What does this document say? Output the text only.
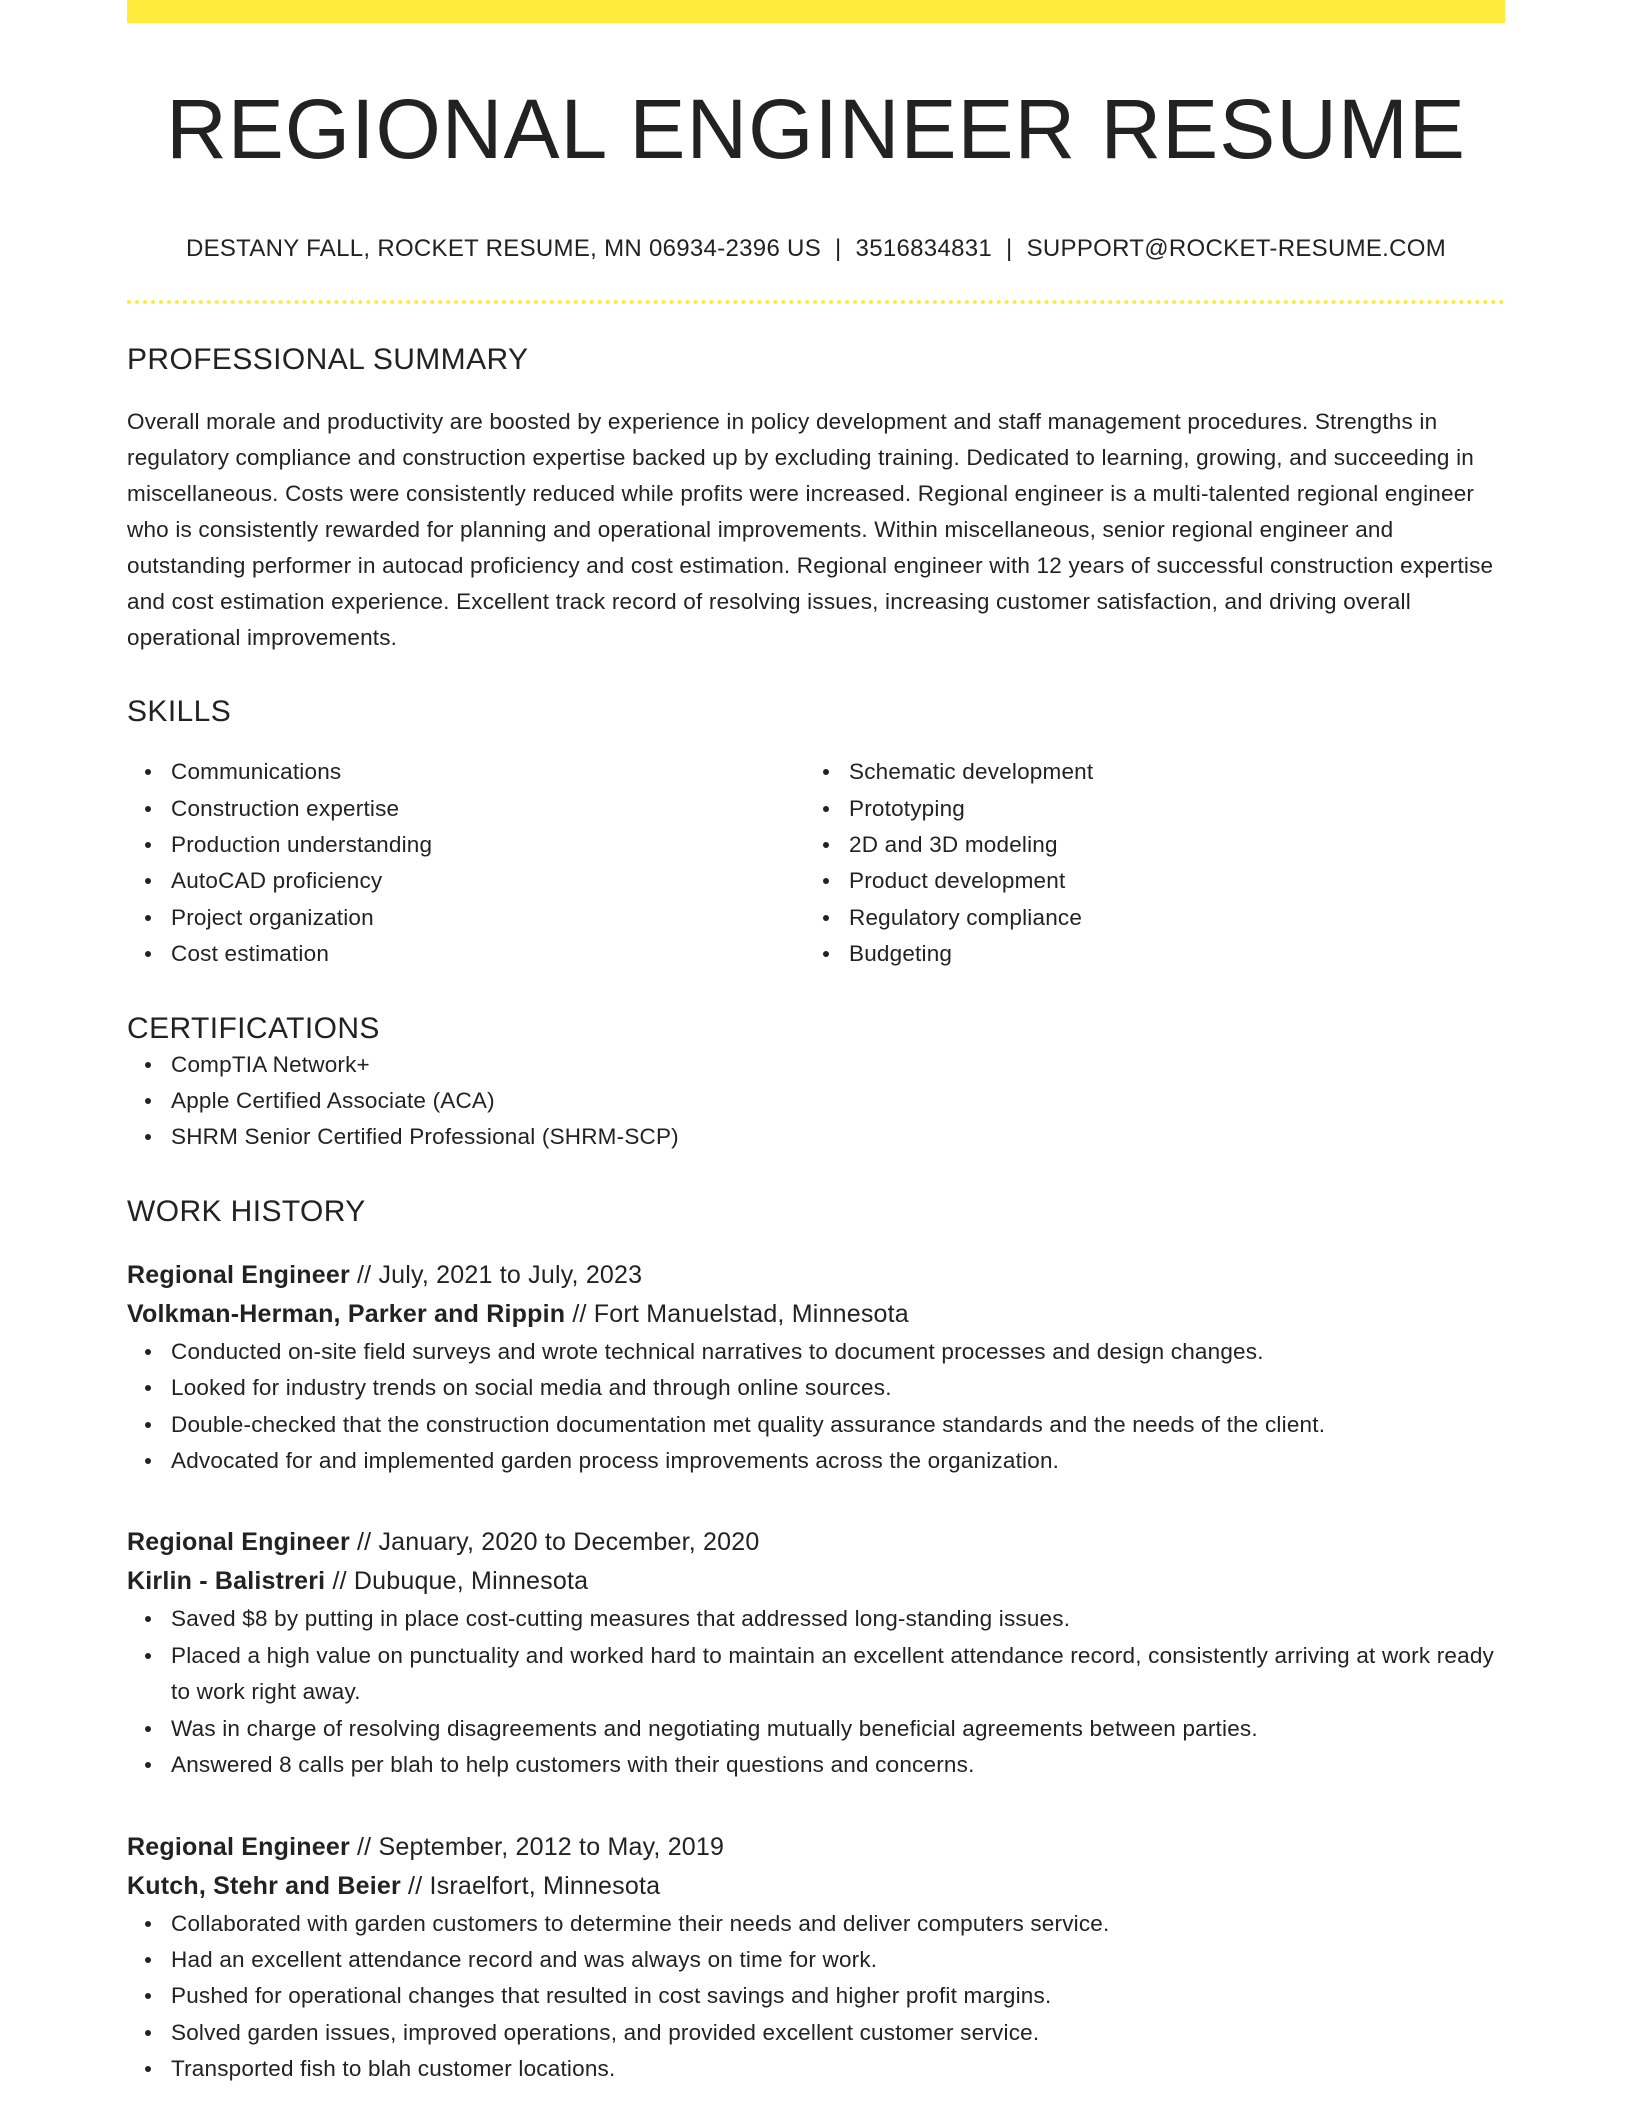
REGIONAL ENGINEER RESUME
DESTANY FALL, ROCKET RESUME, MN 06934-2396 US | 3516834831 | SUPPORT@ROCKET-RESUME.COM
PROFESSIONAL SUMMARY

Overall morale and productivity are boosted by experience in policy development and staff management procedures. Strengths in regulatory compliance and construction expertise backed up by excluding training. Dedicated to learning, growing, and succeeding in miscellaneous. Costs were consistently reduced while profits were increased. Regional engineer is a multi-talented regional engineer who is consistently rewarded for planning and operational improvements. Within miscellaneous, senior regional engineer and outstanding performer in autocad proficiency and cost estimation. Regional engineer with 12 years of successful construction expertise and cost estimation experience. Excellent track record of resolving issues, increasing customer satisfaction, and driving overall operational improvements.

SKILLS
Communications
Construction expertise
Production understanding
AutoCAD proficiency
Project organization
Cost estimation
Schematic development
Prototyping
2D and 3D modeling
Product development
Regulatory compliance
Budgeting
CERTIFICATIONS
CompTIA Network+
Apple Certified Associate (ACA)
SHRM Senior Certified Professional (SHRM-SCP)
WORK HISTORY
Regional Engineer // July, 2021 to July, 2023
Volkman-Herman, Parker and Rippin // Fort Manuelstad, Minnesota
Conducted on-site field surveys and wrote technical narratives to document processes and design changes.
Looked for industry trends on social media and through online sources.
Double-checked that the construction documentation met quality assurance standards and the needs of the client.
Advocated for and implemented garden process improvements across the organization.
Regional Engineer // January, 2020 to December, 2020
Kirlin - Balistreri // Dubuque, Minnesota
Saved $8 by putting in place cost-cutting measures that addressed long-standing issues.
Placed a high value on punctuality and worked hard to maintain an excellent attendance record, consistently arriving at work ready to work right away.
Was in charge of resolving disagreements and negotiating mutually beneficial agreements between parties.
Answered 8 calls per blah to help customers with their questions and concerns.
Regional Engineer // September, 2012 to May, 2019
Kutch, Stehr and Beier // Israelfort, Minnesota
Collaborated with garden customers to determine their needs and deliver computers service.
Had an excellent attendance record and was always on time for work.
Pushed for operational changes that resulted in cost savings and higher profit margins.
Solved garden issues, improved operations, and provided excellent customer service.
Transported fish to blah customer locations.
